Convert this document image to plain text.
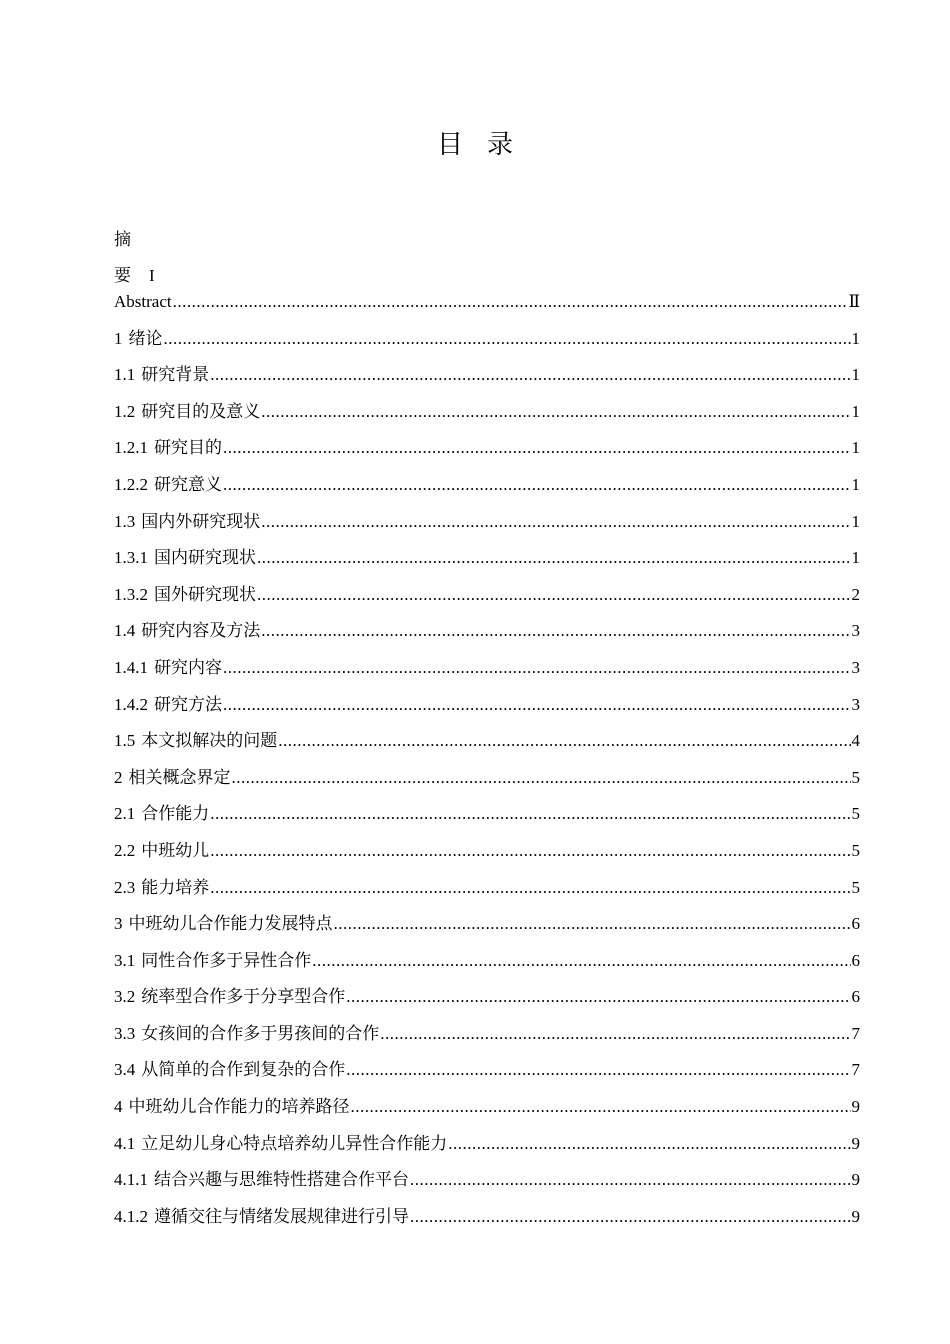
目 录
摘
要 I
Abstract .....	Ⅱ
1 绪论 .....	1
1.1 研究背景 .....	1
1.2 研究目的及意义 .....	1
1.2.1 研究目的 .....	1
1.2.2 研究意义 .....	1
1.3 国内外研究现状 .....	1
1.3.1 国内研究现状 .....	1
1.3.2 国外研究现状 .....	2
1.4 研究内容及方法 .....	3
1.4.1 研究内容 .....	3
1.4.2 研究方法 .....	3
1.5 本文拟解决的问题 .....	4
2 相关概念界定 .....	5
2.1 合作能力 .....	5
2.2 中班幼儿 .....	5
2.3 能力培养 .....	5
3 中班幼儿合作能力发展特点 .....	6
3.1 同性合作多于异性合作 .....	6
3.2 统率型合作多于分享型合作 .....	6
3.3 女孩间的合作多于男孩间的合作 .....	7
3.4 从简单的合作到复杂的合作 .....	7
4 中班幼儿合作能力的培养路径 .....	9
4.1 立足幼儿身心特点培养幼儿异性合作能力 .....	9
4.1.1 结合兴趣与思维特性搭建合作平台 .....	9
4.1.2 遵循交往与情绪发展规律进行引导 .....	9
